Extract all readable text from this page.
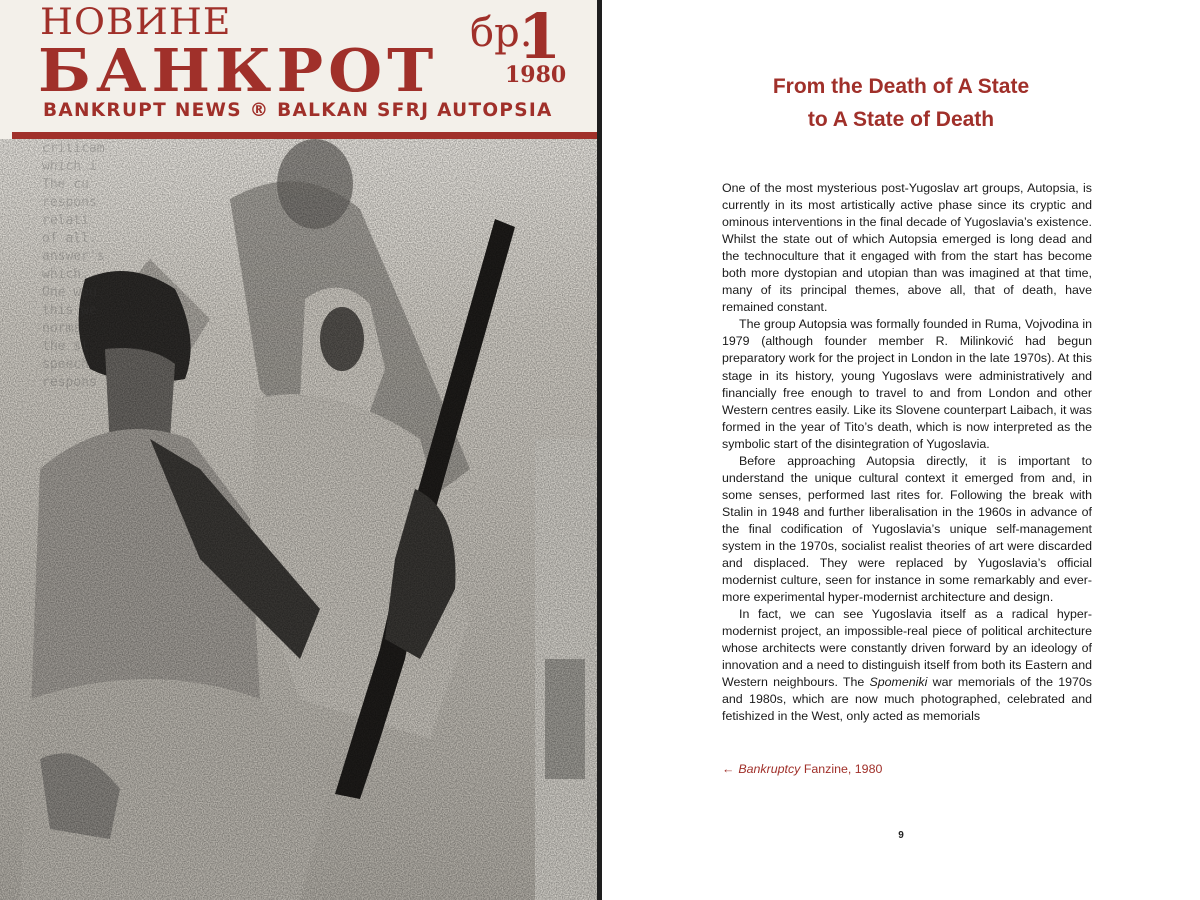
criticam
which i
The cu
respons
relati
of all.
answer's
which.
One wou
this we
norms
the st
speech
respons
НОВИНЕ
БАНКРОТ
бр.
1
1980
BANKRUPT NEWS ® BALKAN SFRJ AUTOPSIA
From the Death of A State
to A State of Death

One of the most mysterious post-Yugoslav art groups, Autopsia, is currently in its most artistically active phase since its cryptic and ominous interventions in the final decade of Yugoslavia’s existence. Whilst the state out of which Autopsia emerged is long dead and the technoculture that it engaged with from the start has become both more dystopian and utopian than was imagined at that time, many of its principal themes, above all, that of death, have remained constant.

The group Autopsia was formally founded in Ruma, Vojvodina in 1979 (although founder member R. Milinković had begun preparatory work for the project in London in the late 1970s). At this stage in its history, young Yugoslavs were administratively and financially free enough to travel to and from London and other Western centres easily. Like its Slovene counterpart Laibach, it was formed in the year of Tito’s death, which is now interpreted as the symbolic start of the disintegration of Yugoslavia.

Before approaching Autopsia directly, it is important to understand the unique cultural context it emerged from and, in some senses, performed last rites for. Following the break with Stalin in 1948 and further liberalisation in the 1960s in advance of the final codification of Yugoslavia’s unique self-management system in the 1970s, socialist realist theories of art were discarded and displaced. They were replaced by Yugoslavia’s official modernist culture, seen for instance in some remarkably and ever-more experimental hyper-modernist architecture and design.

In fact, we can see Yugoslavia itself as a radical hyper-modernist project, an impossible-real piece of political architecture whose architects were constantly driven forward by an ideology of innovation and a need to distinguish itself from both its Eastern and Western neighbours. The Spomeniki war memorials of the 1970s and 1980s, which are now much photographed, celebrated and fetishized in the West, only acted as memorials

← Bankruptcy Fanzine, 1980
9
